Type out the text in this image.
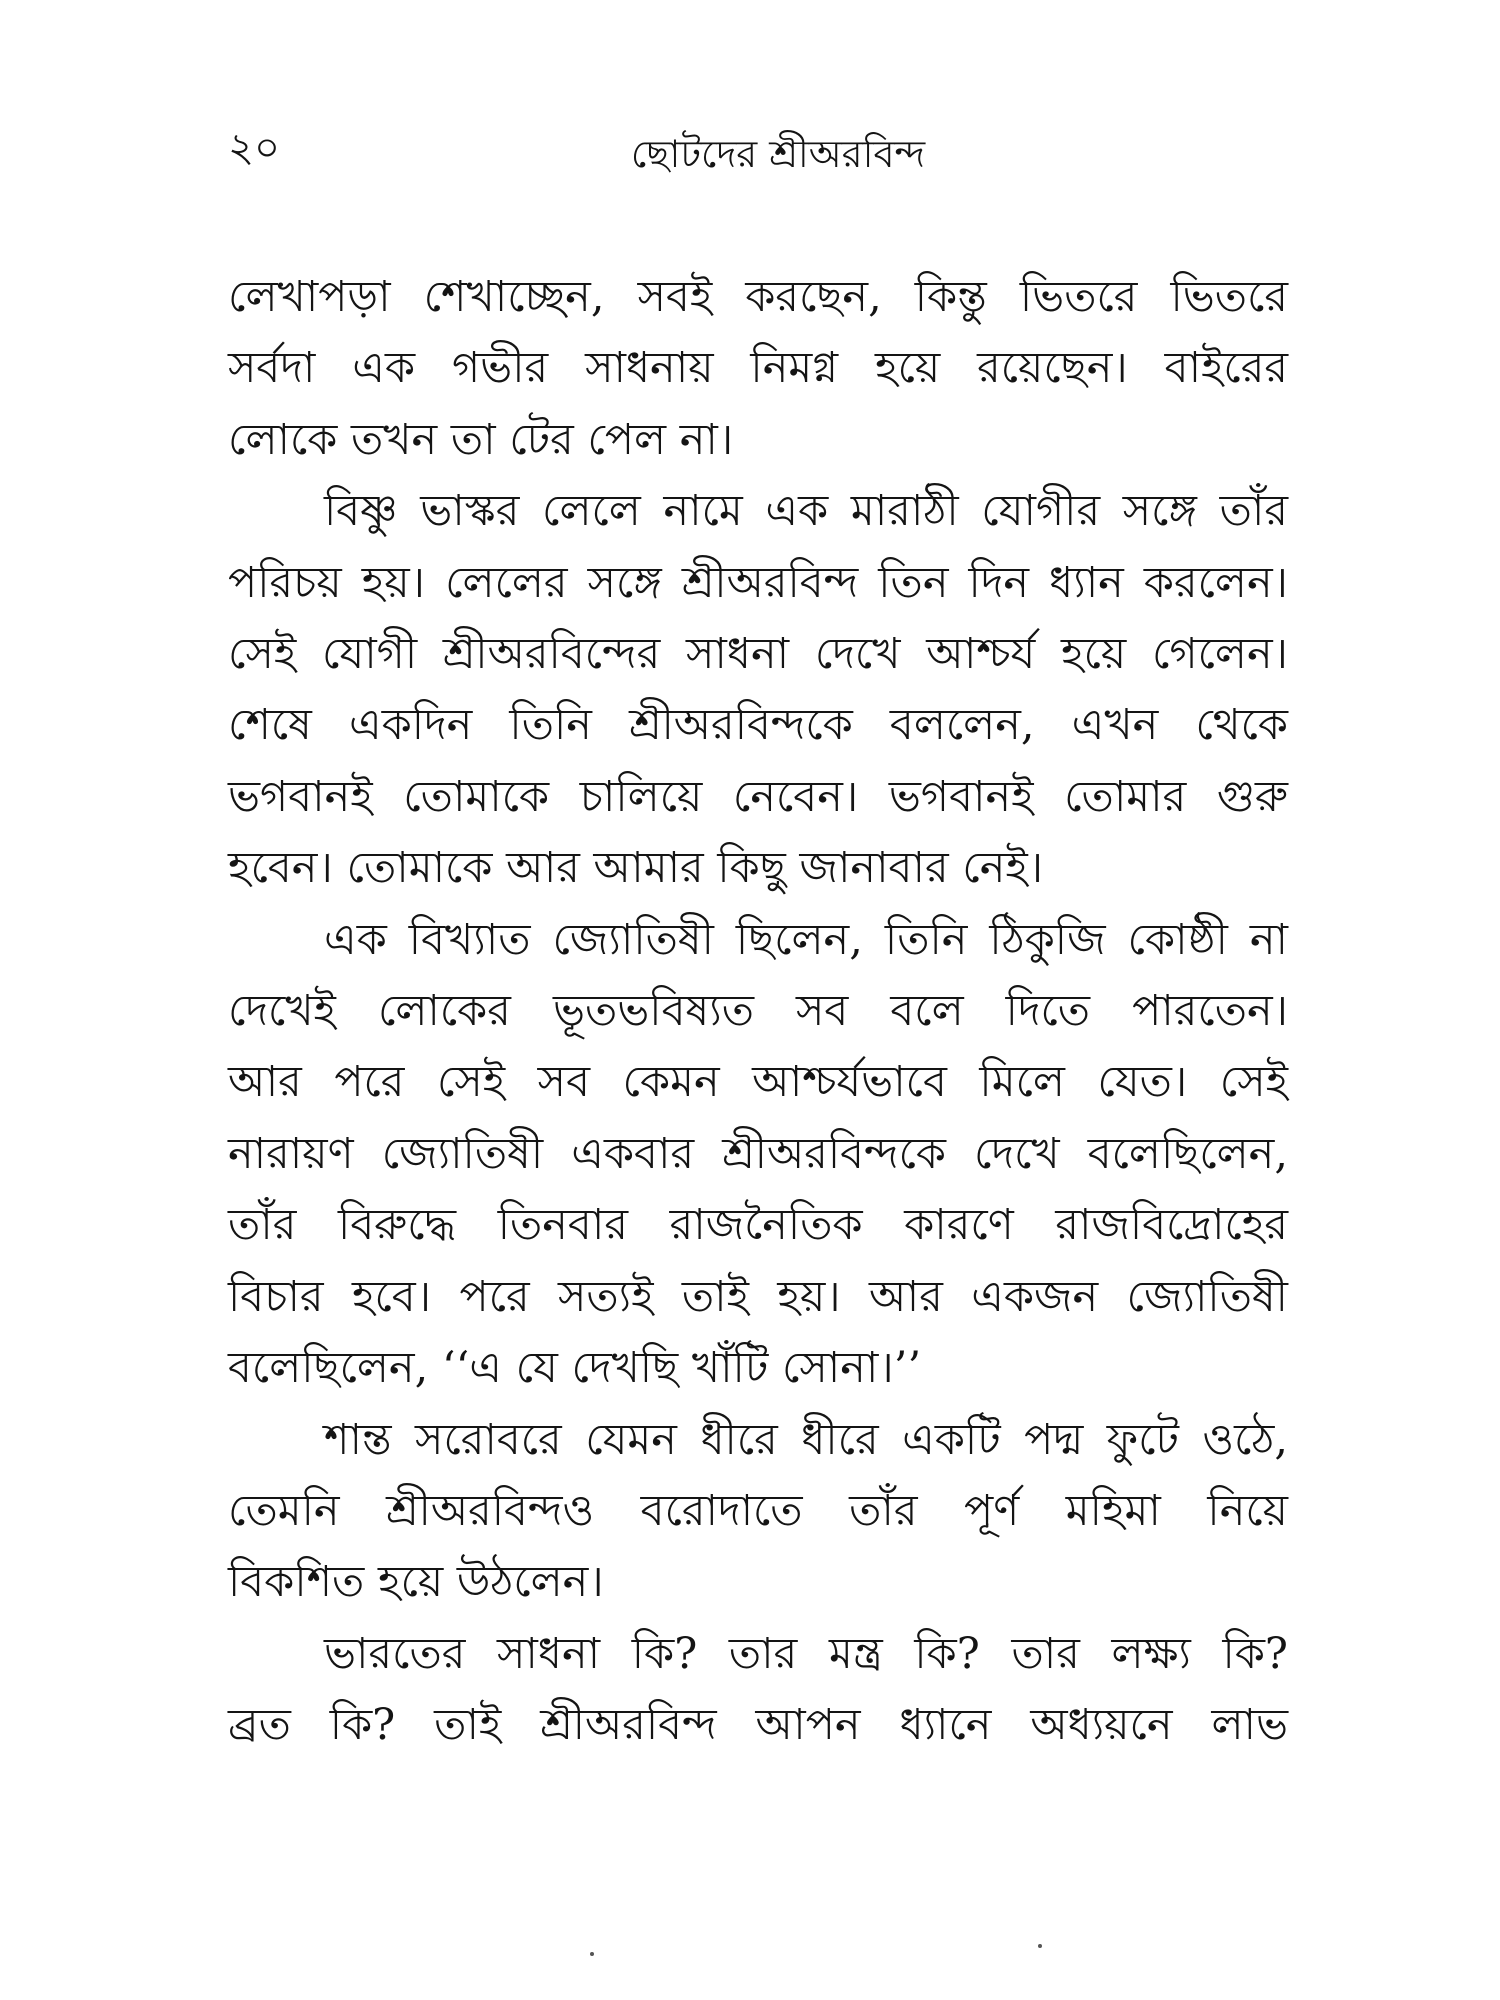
২০	ছোটদের শ্রীঅরবিন্দ

লেখাপড়া শেখাচ্ছেন, সবই করছেন, কিন্তু ভিতরে ভিতরে
সর্বদা এক গভীর সাধনায় নিমগ্ন হয়ে রয়েছেন। বাইরের
লোকে তখন তা টের পেল না।

বিষ্ণু ভাস্কর লেলে নামে এক মারাঠী যোগীর সঙ্গে তাঁর
পরিচয় হয়। লেলের সঙ্গে শ্রীঅরবিন্দ তিন দিন ধ্যান করলেন।
সেই যোগী শ্রীঅরবিন্দের সাধনা দেখে আশ্চর্য হয়ে গেলেন।
শেষে একদিন তিনি শ্রীঅরবিন্দকে বললেন, এখন থেকে
ভগবানই তোমাকে চালিয়ে নেবেন। ভগবানই তোমার গুরু
হবেন। তোমাকে আর আমার কিছু জানাবার নেই।

এক বিখ্যাত জ্যোতিষী ছিলেন, তিনি ঠিকুজি কোষ্ঠী না
দেখেই লোকের ভূতভবিষ্যত সব বলে দিতে পারতেন।
আর পরে সেই সব কেমন আশ্চর্যভাবে মিলে যেত। সেই
নারায়ণ জ্যোতিষী একবার শ্রীঅরবিন্দকে দেখে বলেছিলেন,
তাঁর বিরুদ্ধে তিনবার রাজনৈতিক কারণে রাজবিদ্রোহের
বিচার হবে। পরে সত্যই তাই হয়। আর একজন জ্যোতিষী
বলেছিলেন, ‘‘এ যে দেখছি খাঁটি সোনা।’’

শান্ত সরোবরে যেমন ধীরে ধীরে একটি পদ্ম ফুটে ওঠে,
তেমনি শ্রীঅরবিন্দও বরোদাতে তাঁর পূর্ণ মহিমা নিয়ে
বিকশিত হয়ে উঠলেন।

ভারতের সাধনা কি? তার মন্ত্র কি? তার লক্ষ্য কি?
ব্রত কি? তাই শ্রীঅরবিন্দ আপন ধ্যানে অধ্যয়নে লাভ
